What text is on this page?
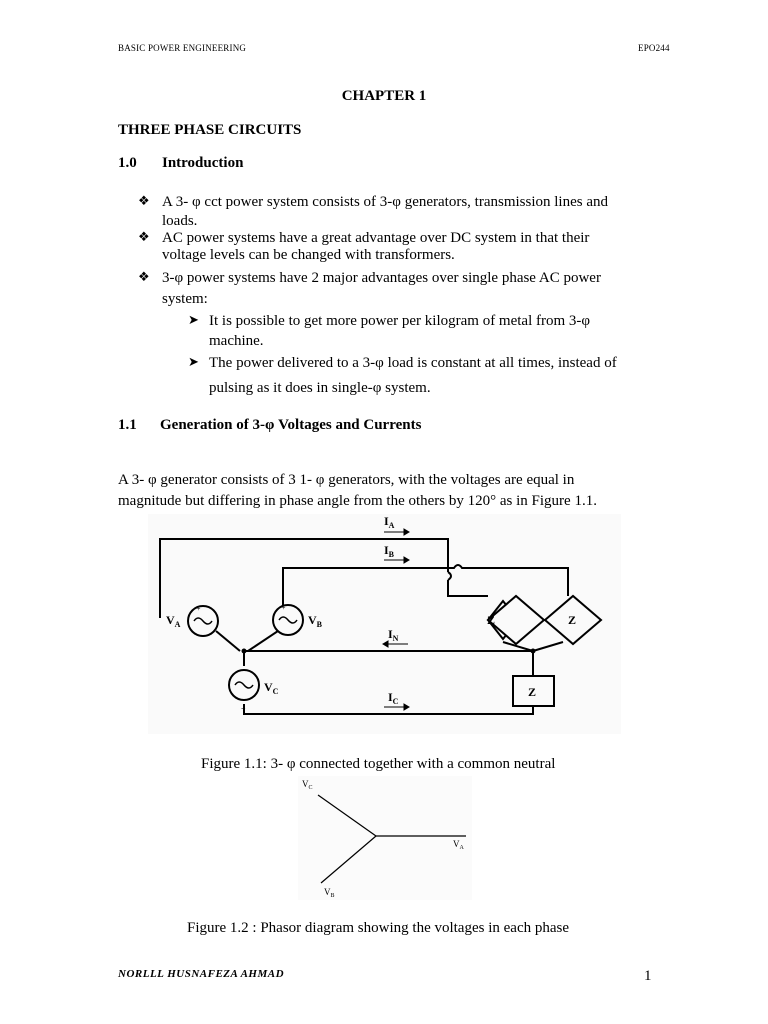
BASIC POWER ENGINEERING	EPO244
CHAPTER 1
THREE PHASE CIRCUITS
1.0 Introduction
❖ A 3- φ cct power system consists of 3-φ generators, transmission lines and
loads.
❖ AC power systems have a great advantage over DC system in that their
voltage levels can be changed with transformers.
❖ 3-φ power systems have 2 major advantages over single phase AC power
system:
➤ It is possible to get more power per kilogram of metal from 3-φ
machine.
➤ The power delivered to a 3-φ load is constant at all times, instead of
pulsing as it does in single-φ system.
1.1 Generation of 3-φ Voltages and Currents
A 3- φ generator consists of 3 1- φ generators, with the voltages are equal in
magnitude but differing in phase angle from the others by 120° as in Figure 1.1.
$I_A$
$I_B$
$I_N$
$I_C$
$V_A$	$V_B$
$V_C$
+	+
+
Z	Z
Z
Figure 1.1: 3- φ connected together with a common neutral
$V_C$
$V_A$
$V_B$
Figure 1.2 : Phasor diagram showing the voltages in each phase
NORLLL HUSNAFEZA AHMAD	1
